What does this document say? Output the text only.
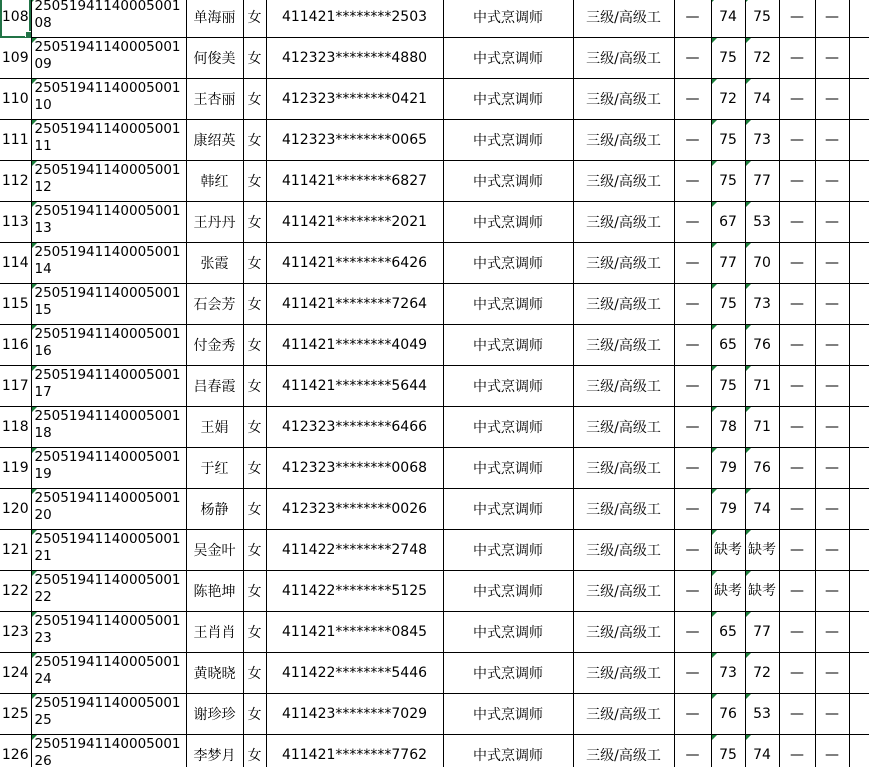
108	2505194114000500108	单海丽	女	411421********2503	中式烹调师	三级/高级工	—	74	75	—	—	
109	2505194114000500109	何俊美	女	412323********4880	中式烹调师	三级/高级工	—	75	72	—	—	
110	2505194114000500110	王杏丽	女	412323********0421	中式烹调师	三级/高级工	—	72	74	—	—	
111	2505194114000500111	康绍英	女	412323********0065	中式烹调师	三级/高级工	—	75	73	—	—	
112	2505194114000500112	韩红	女	411421********6827	中式烹调师	三级/高级工	—	75	77	—	—	
113	2505194114000500113	王丹丹	女	411421********2021	中式烹调师	三级/高级工	—	67	53	—	—	
114	2505194114000500114	张霞	女	411421********6426	中式烹调师	三级/高级工	—	77	70	—	—	
115	2505194114000500115	石会芳	女	411421********7264	中式烹调师	三级/高级工	—	75	73	—	—	
116	2505194114000500116	付金秀	女	411421********4049	中式烹调师	三级/高级工	—	65	76	—	—	
117	2505194114000500117	吕春霞	女	411421********5644	中式烹调师	三级/高级工	—	75	71	—	—	
118	2505194114000500118	王娟	女	412323********6466	中式烹调师	三级/高级工	—	78	71	—	—	
119	2505194114000500119	于红	女	412323********0068	中式烹调师	三级/高级工	—	79	76	—	—	
120	2505194114000500120	杨静	女	412323********0026	中式烹调师	三级/高级工	—	79	74	—	—	
121	2505194114000500121	吴金叶	女	411422********2748	中式烹调师	三级/高级工	—	缺考	缺考	—	—	
122	2505194114000500122	陈艳坤	女	411422********5125	中式烹调师	三级/高级工	—	缺考	缺考	—	—	
123	2505194114000500123	王肖肖	女	411421********0845	中式烹调师	三级/高级工	—	65	77	—	—	
124	2505194114000500124	黄晓晓	女	411422********5446	中式烹调师	三级/高级工	—	73	72	—	—	
125	2505194114000500125	谢珍珍	女	411423********7029	中式烹调师	三级/高级工	—	76	53	—	—	
126	2505194114000500126	李梦月	女	411421********7762	中式烹调师	三级/高级工	—	75	74	—	—	
